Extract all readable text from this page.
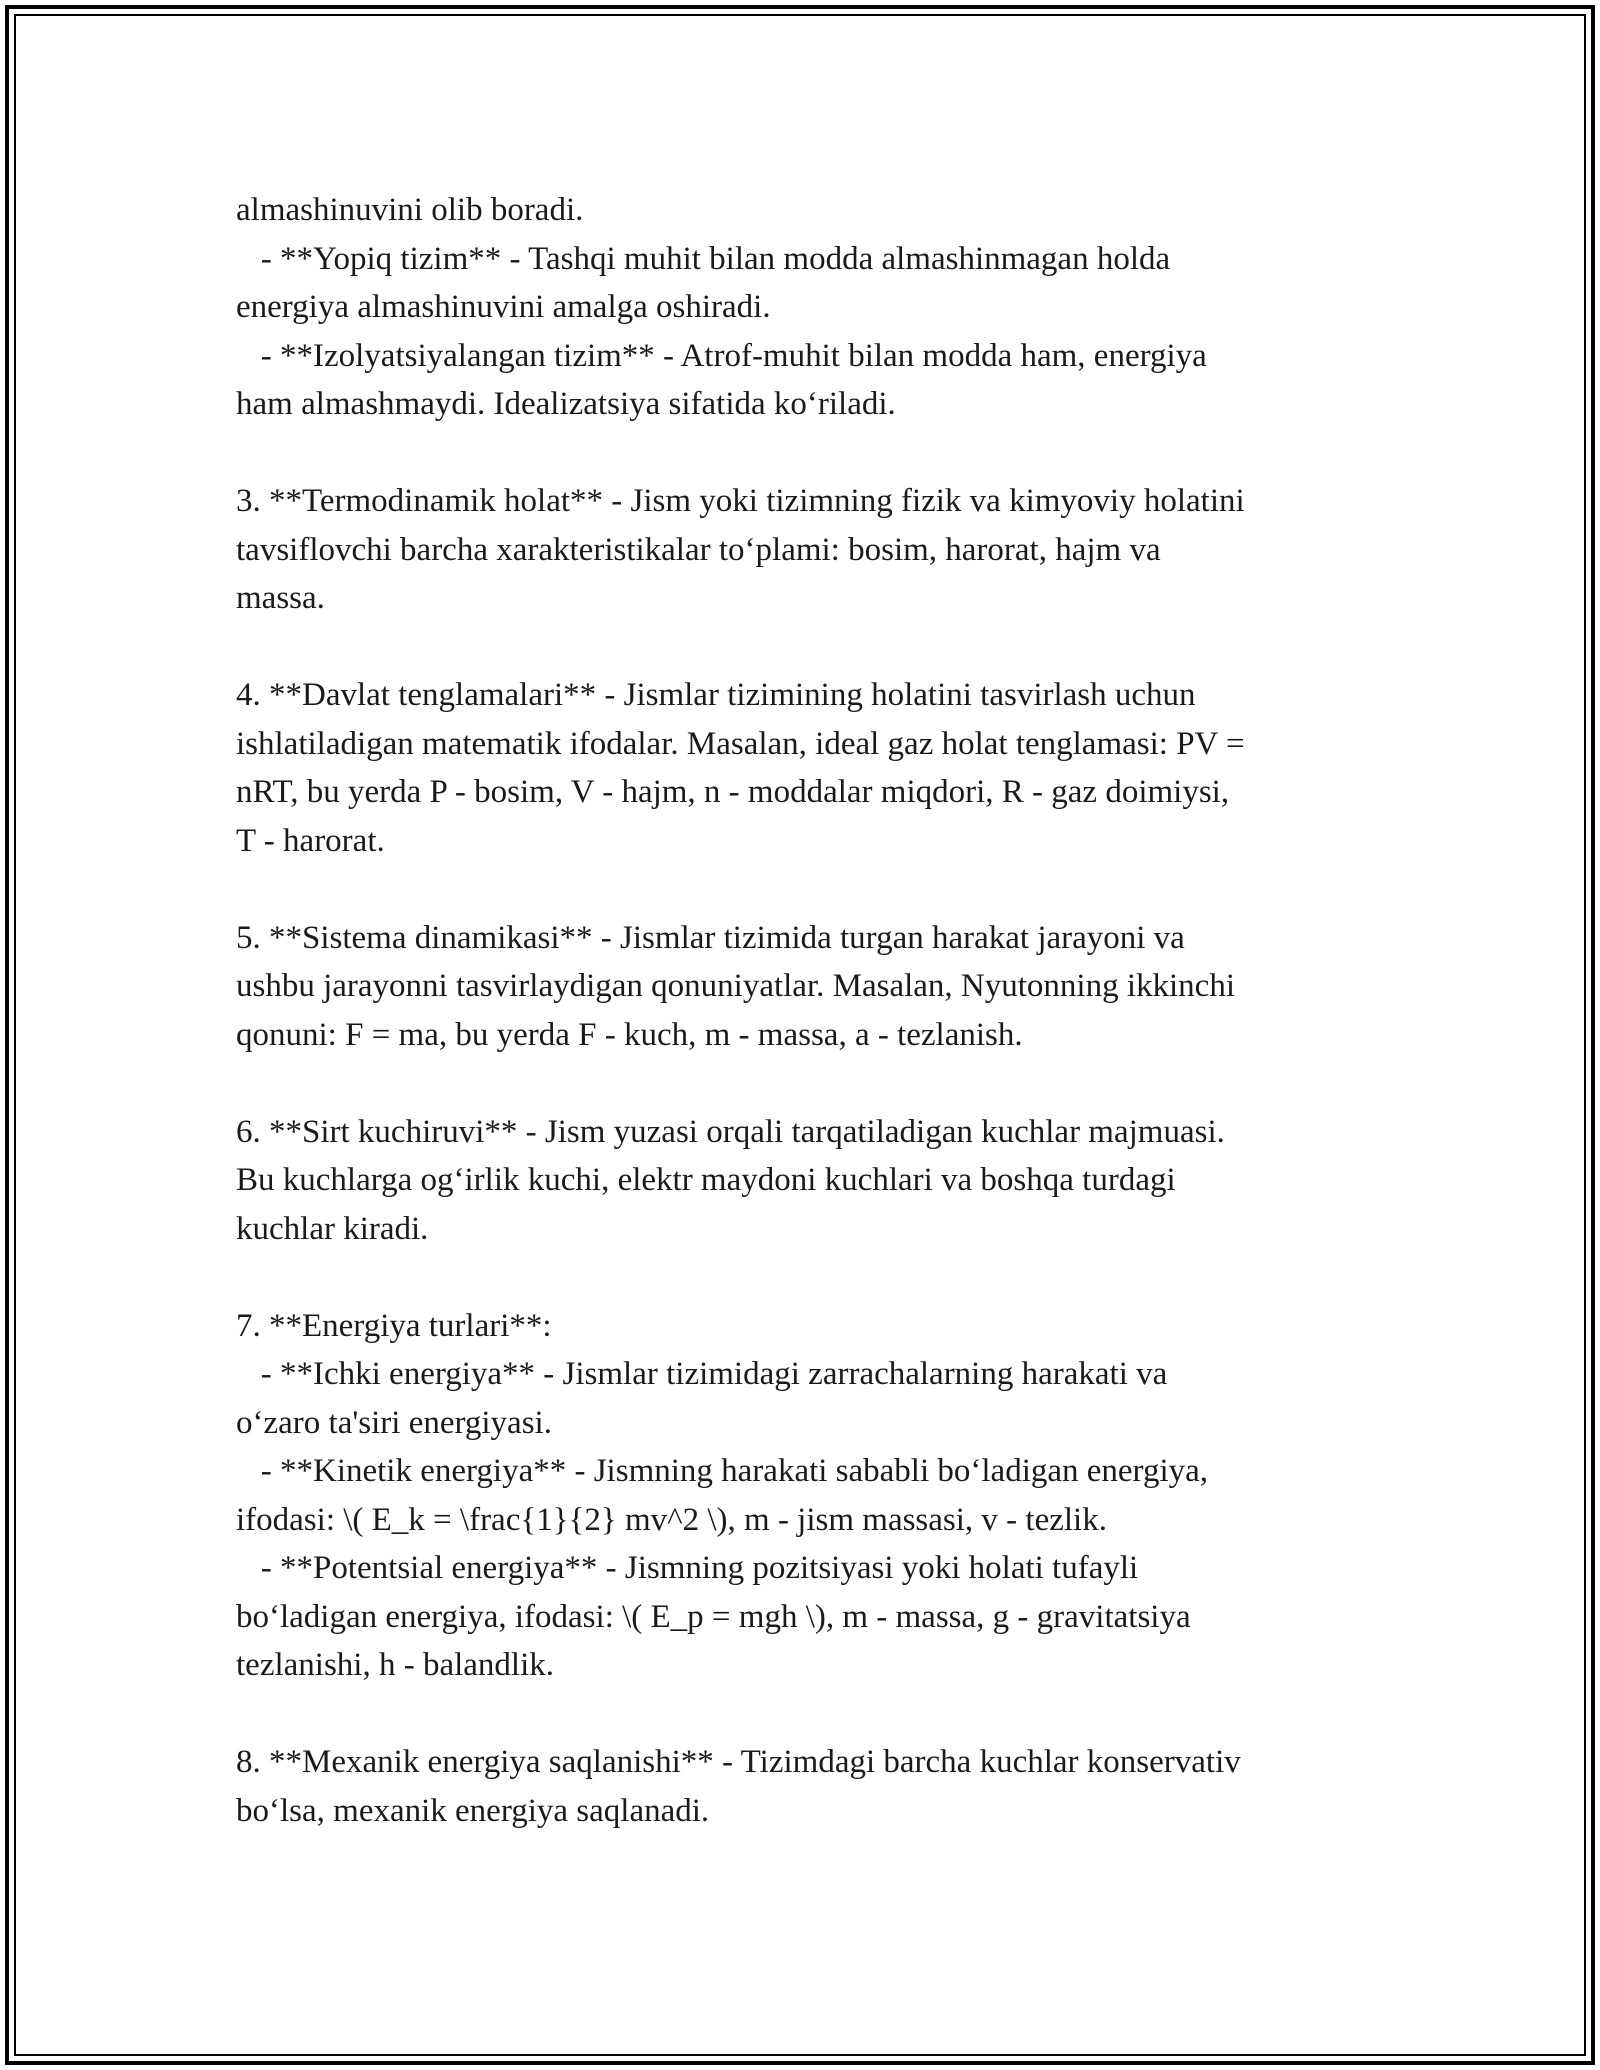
almashinuvini olib boradi.
- **Yopiq tizim** - Tashqi muhit bilan modda almashinmagan holda
energiya almashinuvini amalga oshiradi.
- **Izolyatsiyalangan tizim** - Atrof-muhit bilan modda ham, energiya
ham almashmaydi. Idealizatsiya sifatida ko‘riladi.
3. **Termodinamik holat** - Jism yoki tizimning fizik va kimyoviy holatini
tavsiflovchi barcha xarakteristikalar to‘plami: bosim, harorat, hajm va
massa.
4. **Davlat tenglamalari** - Jismlar tizimining holatini tasvirlash uchun
ishlatiladigan matematik ifodalar. Masalan, ideal gaz holat tenglamasi: PV =
nRT, bu yerda P - bosim, V - hajm, n - moddalar miqdori, R - gaz doimiysi,
T - harorat.
5. **Sistema dinamikasi** - Jismlar tizimida turgan harakat jarayoni va
ushbu jarayonni tasvirlaydigan qonuniyatlar. Masalan, Nyutonning ikkinchi
qonuni: F = ma, bu yerda F - kuch, m - massa, a - tezlanish.
6. **Sirt kuchiruvi** - Jism yuzasi orqali tarqatiladigan kuchlar majmuasi.
Bu kuchlarga og‘irlik kuchi, elektr maydoni kuchlari va boshqa turdagi
kuchlar kiradi.
7. **Energiya turlari**:
- **Ichki energiya** - Jismlar tizimidagi zarrachalarning harakati va
o‘zaro ta'siri energiyasi.
- **Kinetik energiya** - Jismning harakati sababli bo‘ladigan energiya,
ifodasi: \( E_k = \frac{1}{2} mv^2 \), m - jism massasi, v - tezlik.
- **Potentsial energiya** - Jismning pozitsiyasi yoki holati tufayli
bo‘ladigan energiya, ifodasi: \( E_p = mgh \), m - massa, g - gravitatsiya
tezlanishi, h - balandlik.
8. **Mexanik energiya saqlanishi** - Tizimdagi barcha kuchlar konservativ
bo‘lsa, mexanik energiya saqlanadi.
